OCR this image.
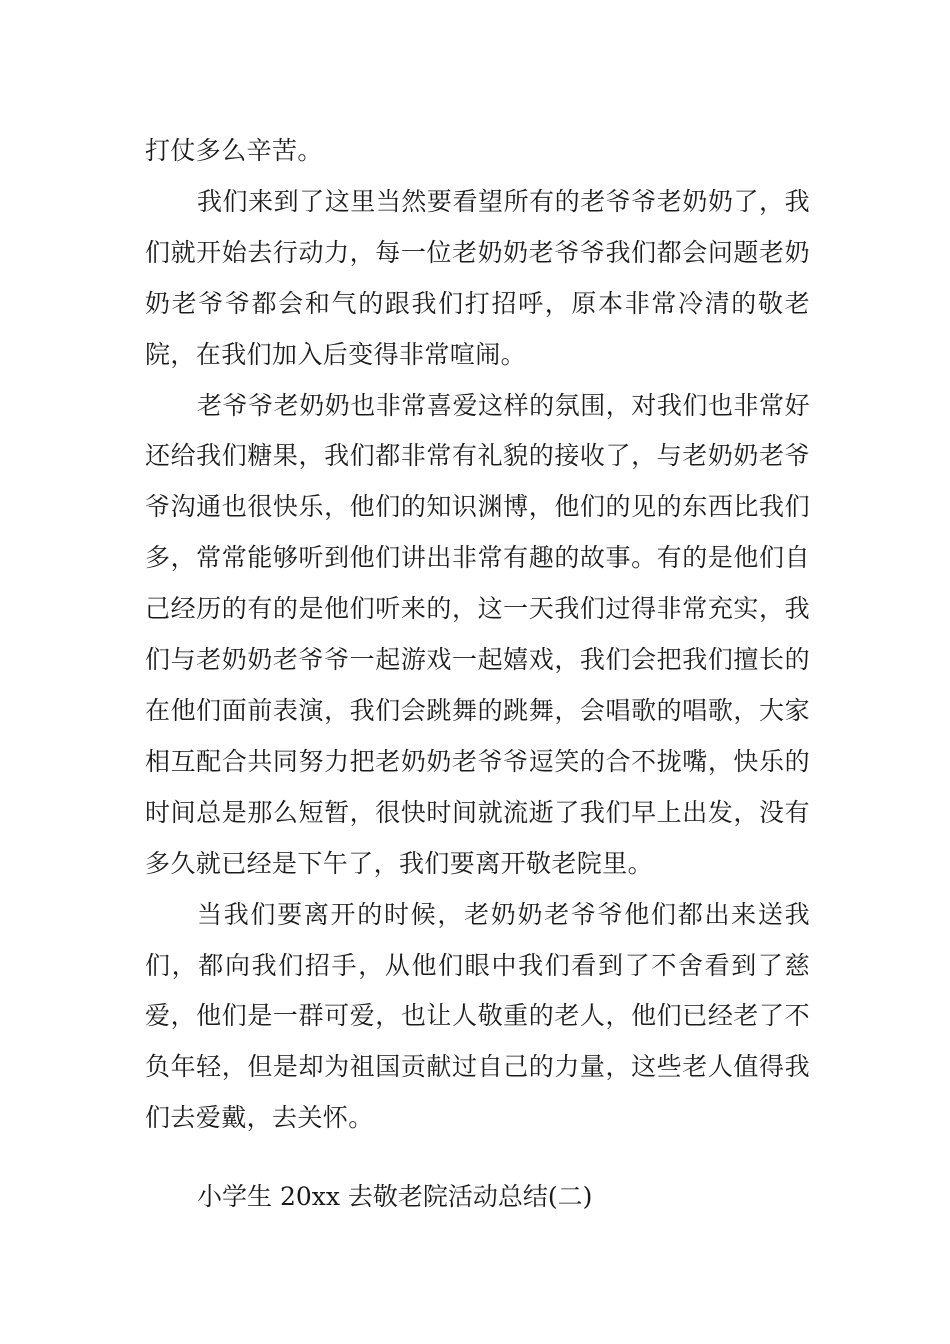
打仗多么辛苦。

我们来到了这里当然要看望所有的老爷爷老奶奶了，我们就开始去行动力，每一位老奶奶老爷爷我们都会问题老奶奶老爷爷都会和气的跟我们打招呼，原本非常冷清的敬老院，在我们加入后变得非常喧闹。

老爷爷老奶奶也非常喜爱这样的氛围，对我们也非常好还给我们糖果，我们都非常有礼貌的接收了，与老奶奶老爷爷沟通也很快乐，他们的知识渊博，他们的见的东西比我们多，常常能够听到他们讲出非常有趣的故事。有的是他们自己经历的有的是他们听来的，这一天我们过得非常充实，我们与老奶奶老爷爷一起游戏一起嬉戏，我们会把我们擅长的在他们面前表演，我们会跳舞的跳舞，会唱歌的唱歌，大家相互配合共同努力把老奶奶老爷爷逗笑的合不拢嘴，快乐的时间总是那么短暂，很快时间就流逝了我们早上出发，没有多久就已经是下午了，我们要离开敬老院里。

当我们要离开的时候，老奶奶老爷爷他们都出来送我们，都向我们招手，从他们眼中我们看到了不舍看到了慈爱，他们是一群可爱，也让人敬重的老人，他们已经老了不负年轻，但是却为祖国贡献过自己的力量，这些老人值得我们去爱戴，去关怀。

小学生 20xx 去敬老院活动总结(二)
